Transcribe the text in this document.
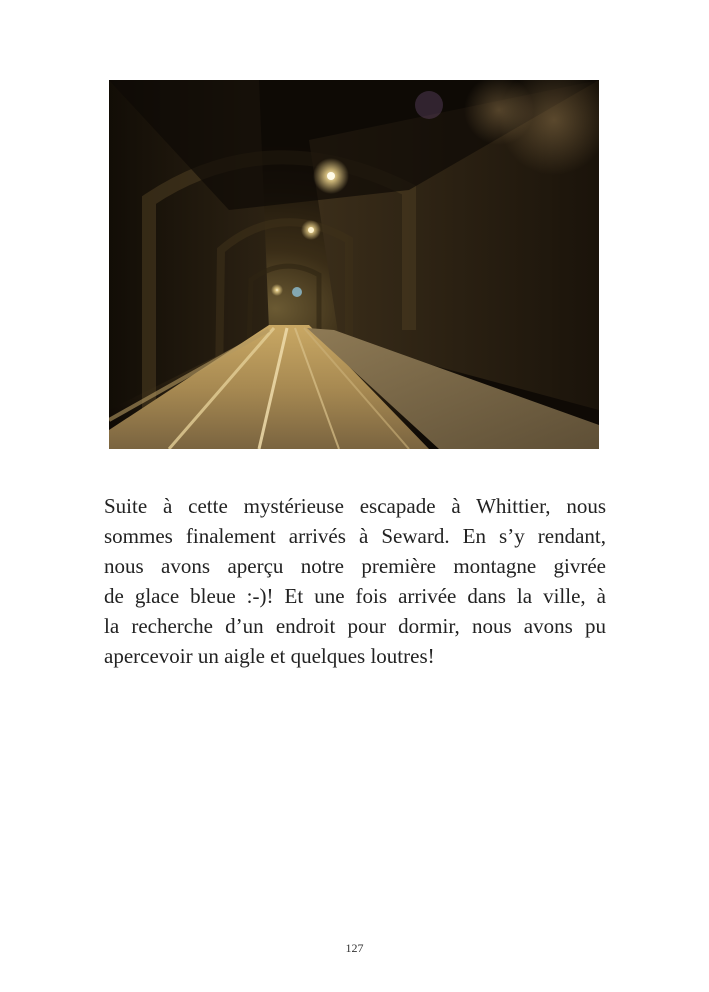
Suite à cette mystérieuse escapade à Whittier, nous
sommes finalement arrivés à Seward. En s’y rendant,
nous avons aperçu notre première montagne givrée
de glace bleue :-)! Et une fois arrivée dans la ville, à
la recherche d’un endroit pour dormir, nous avons pu
apercevoir un aigle et quelques loutres!

127
